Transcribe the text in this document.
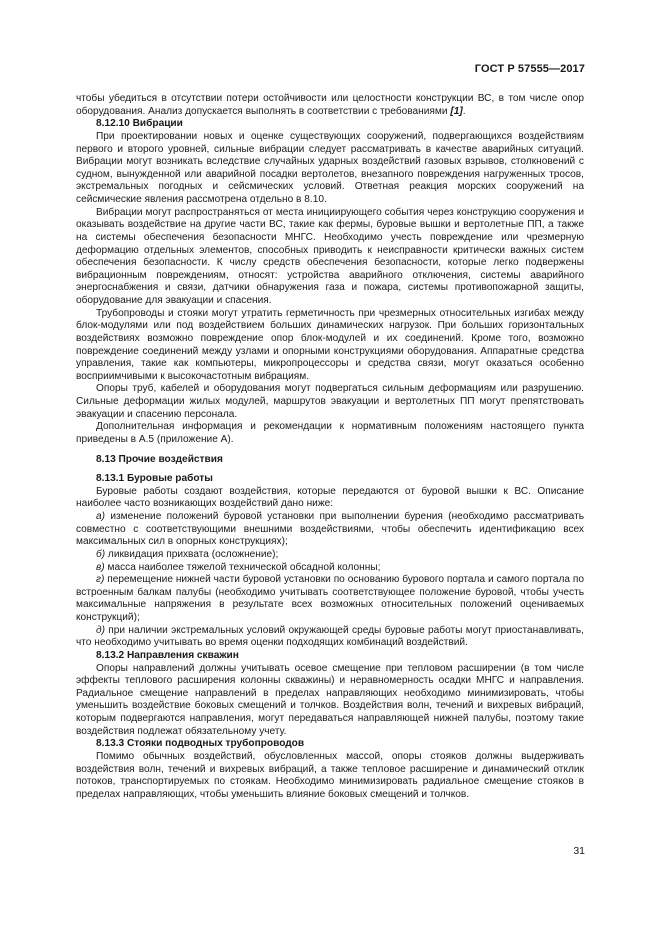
ГОСТ Р 57555—2017

чтобы убедиться в отсутствии потери остойчивости или целостности конструкции ВС, в том числе опор оборудования. Анализ допускается выполнять в соответствии с требованиями [1].

8.12.10 Вибрации

При проектировании новых и оценке существующих сооружений, подвергающихся воздействиям первого и второго уровней, сильные вибрации следует рассматривать в качестве аварийных ситуаций. Вибрации могут возникать вследствие случайных ударных воздействий газовых взрывов, столкновений с судном, вынужденной или аварийной посадки вертолетов, внезапного повреждения нагруженных тросов, экстремальных погодных и сейсмических условий. Ответная реакция морских сооружений на сейсмические явления рассмотрена отдельно в 8.10.

Вибрации могут распространяться от места инициирующего события через конструкцию сооружения и оказывать воздействие на другие части ВС, такие как фермы, буровые вышки и вертолетные ПП, а также на системы обеспечения безопасности МНГС. Необходимо учесть повреждение или чрезмерную деформацию отдельных элементов, способных приводить к неисправности критически важных систем обеспечения безопасности. К числу средств обеспечения безопасности, которые легко подвержены вибрационным повреждениям, относят: устройства аварийного отключения, системы аварийного энергоснабжения и связи, датчики обнаружения газа и пожара, системы противопожарной защиты, оборудование для эвакуации и спасения.

Трубопроводы и стояки могут утратить герметичность при чрезмерных относительных изгибах между блок-модулями или под воздействием больших динамических нагрузок. При больших горизонтальных воздействиях возможно повреждение опор блок-модулей и их соединений. Кроме того, возможно повреждение соединений между узлами и опорными конструкциями оборудования. Аппаратные средства управления, такие как компьютеры, микропроцессоры и средства связи, могут оказаться особенно восприимчивыми к высокочастотным вибрациям.

Опоры труб, кабелей и оборудования могут подвергаться сильным деформациям или разрушению. Сильные деформации жилых модулей, маршрутов эвакуации и вертолетных ПП могут препятствовать эвакуации и спасению персонала.

Дополнительная информация и рекомендации к нормативным положениям настоящего пункта приведены в А.5 (приложение А).

8.13 Прочие воздействия
8.13.1 Буровые работы

Буровые работы создают воздействия, которые передаются от буровой вышки к ВС. Описание наиболее часто возникающих воздействий дано ниже:

а) изменение положений буровой установки при выполнении бурения (необходимо рассматривать совместно с соответствующими внешними воздействиями, чтобы обеспечить идентификацию всех максимальных сил в опорных конструкциях);

б) ликвидация прихвата (осложнение);

в) масса наиболее тяжелой технической обсадной колонны;

г) перемещение нижней части буровой установки по основанию бурового портала и самого портала по встроенным балкам палубы (необходимо учитывать соответствующее положение буровой, чтобы учесть максимальные напряжения в результате всех возможных относительных положений оцениваемых конструкций);

д) при наличии экстремальных условий окружающей среды буровые работы могут приостанавливать, что необходимо учитывать во время оценки подходящих комбинаций воздействий.

8.13.2 Направления скважин

Опоры направлений должны учитывать осевое смещение при тепловом расширении (в том числе эффекты теплового расширения колонны скважины) и неравномерность осадки МНГС и направления. Радиальное смещение направлений в пределах направляющих необходимо минимизировать, чтобы уменьшить воздействие боковых смещений и толчков. Воздействия волн, течений и вихревых вибраций, которым подвергаются направления, могут передаваться направляющей нижней палубы, поэтому такие воздействия подлежат обязательному учету.

8.13.3 Стояки подводных трубопроводов

Помимо обычных воздействий, обусловленных массой, опоры стояков должны выдерживать воздействия волн, течений и вихревых вибраций, а также тепловое расширение и динамический отклик потоков, транспортируемых по стоякам. Необходимо минимизировать радиальное смещение стояков в пределах направляющих, чтобы уменьшить влияние боковых смещений и толчков.

31
